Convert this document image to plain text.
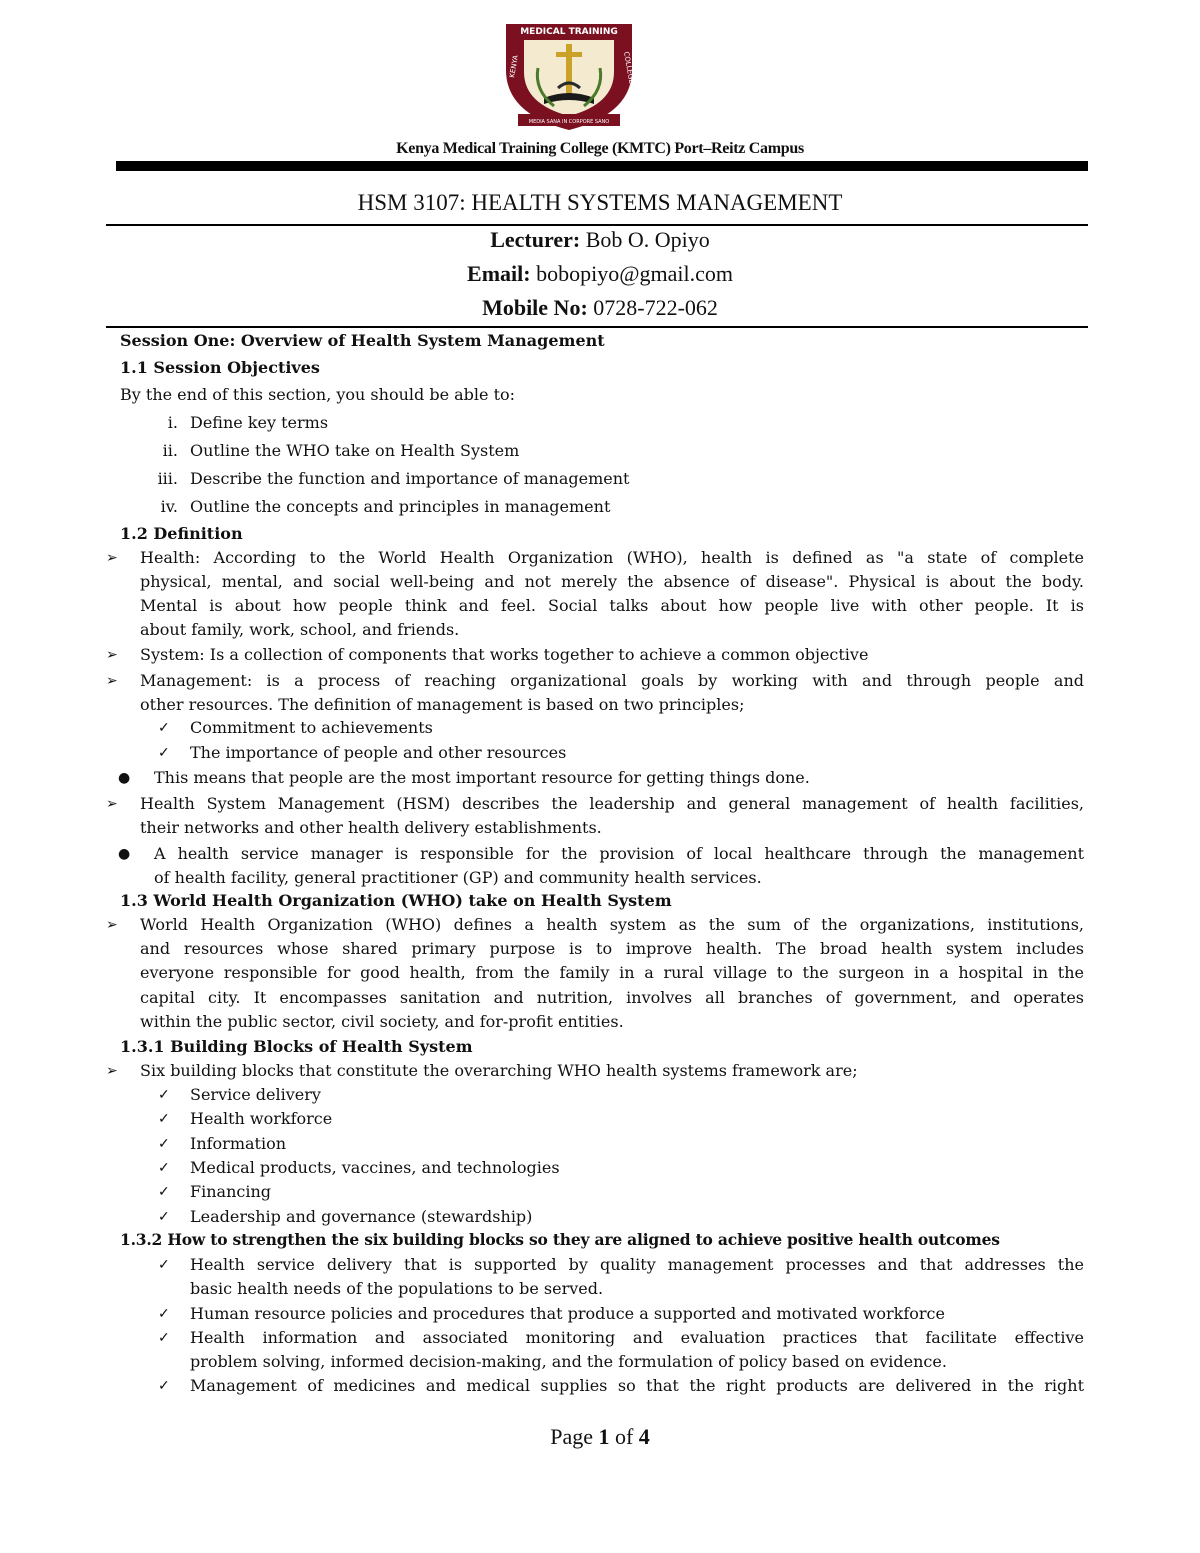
MEDICAL TRAINING
KENYA	COLLEGE
MEDIA SANA IN CORPORE SANO
Kenya Medical Training College (KMTC) Port–Reitz Campus
HSM 3107: HEALTH SYSTEMS MANAGEMENT
Lecturer: Bob O. Opiyo
Email: bobopiyo@gmail.com
Mobile No: 0728-722-062
Session One: Overview of Health System Management
1.1 Session Objectives
By the end of this section, you should be able to:
i. Define key terms
ii. Outline the WHO take on Health System
iii. Describe the function and importance of management
iv. Outline the concepts and principles in management
1.2 Definition
➢ Health: According to the World Health Organization (WHO), health is defined as "a state of complete
physical, mental, and social well-being and not merely the absence of disease". Physical is about the body.
Mental is about how people think and feel. Social talks about how people live with other people. It is
about family, work, school, and friends.
➢ System: Is a collection of components that works together to achieve a common objective
➢ Management: is a process of reaching organizational goals by working with and through people and
other resources. The definition of management is based on two principles;
✓ Commitment to achievements
✓ The importance of people and other resources
● This means that people are the most important resource for getting things done.
➢ Health System Management (HSM) describes the leadership and general management of health facilities,
their networks and other health delivery establishments.
● A health service manager is responsible for the provision of local healthcare through the management
of health facility, general practitioner (GP) and community health services.
1.3 World Health Organization (WHO) take on Health System
➢ World Health Organization (WHO) defines a health system as the sum of the organizations, institutions,
and resources whose shared primary purpose is to improve health. The broad health system includes
everyone responsible for good health, from the family in a rural village to the surgeon in a hospital in the
capital city. It encompasses sanitation and nutrition, involves all branches of government, and operates
within the public sector, civil society, and for-profit entities.
1.3.1 Building Blocks of Health System
➢ Six building blocks that constitute the overarching WHO health systems framework are;
✓ Service delivery
✓ Health workforce
✓ Information
✓ Medical products, vaccines, and technologies
✓ Financing
✓ Leadership and governance (stewardship)
1.3.2 How to strengthen the six building blocks so they are aligned to achieve positive health outcomes
✓ Health service delivery that is supported by quality management processes and that addresses the
basic health needs of the populations to be served.
✓ Human resource policies and procedures that produce a supported and motivated workforce
✓ Health information and associated monitoring and evaluation practices that facilitate effective
problem solving, informed decision-making, and the formulation of policy based on evidence.
✓ Management of medicines and medical supplies so that the right products are delivered in the right
Page 1 of 4
